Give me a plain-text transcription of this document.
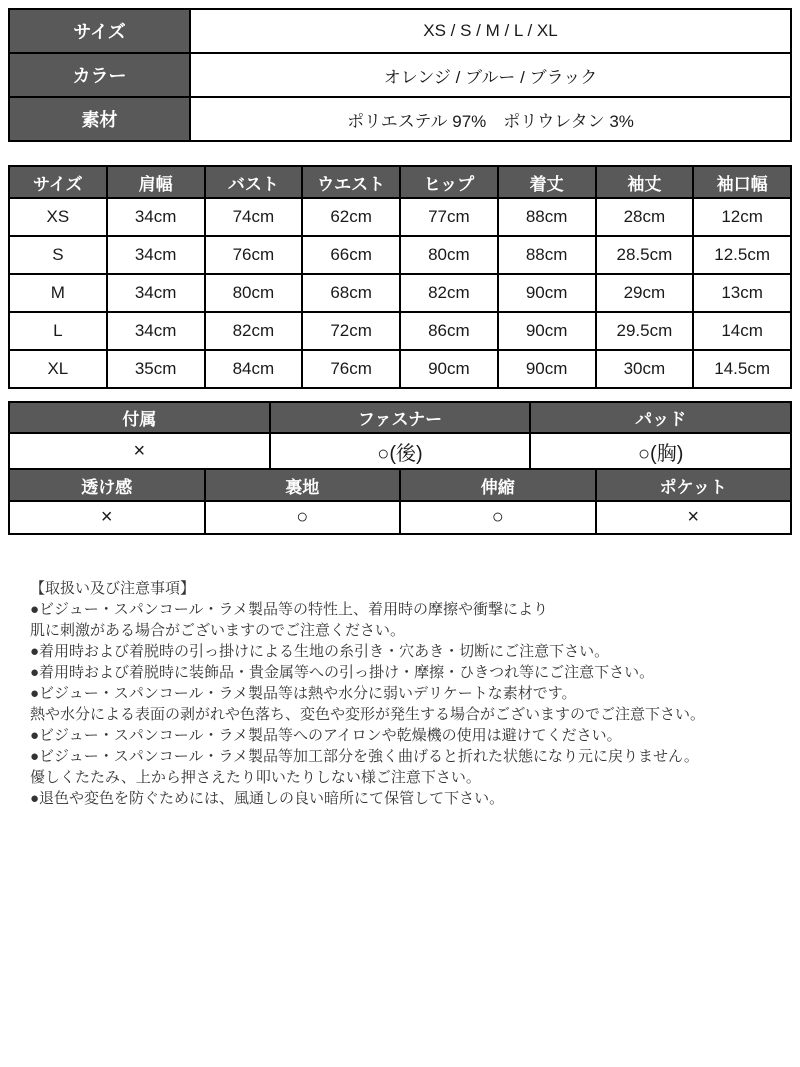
サイズ	XS / S / M / L / XL
カラー	オレンジ / ブルー / ブラック
素材	ポリエステル 97%　ポリウレタン 3%
サイズ	肩幅	バスト	ウエスト	ヒップ	着丈	袖丈	袖口幅
XS	34cm	74cm	62cm	77cm	88cm	28cm	12cm
S	34cm	76cm	66cm	80cm	88cm	28.5cm	12.5cm
M	34cm	80cm	68cm	82cm	90cm	29cm	13cm
L	34cm	82cm	72cm	86cm	90cm	29.5cm	14cm
XL	35cm	84cm	76cm	90cm	90cm	30cm	14.5cm
付属	ファスナー	パッド
×	○(後)	○(胸)
透け感	裏地	伸縮	ポケット
×	○	○	×

【取扱い及び注意事項】

●ビジュー・スパンコール・ラメ製品等の特性上、着用時の摩擦や衝撃により

肌に刺激がある場合がございますのでご注意ください。

●着用時および着脱時の引っ掛けによる生地の糸引き・穴あき・切断にご注意下さい。

●着用時および着脱時に装飾品・貴金属等への引っ掛け・摩擦・ひきつれ等にご注意下さい。

●ビジュー・スパンコール・ラメ製品等は熱や水分に弱いデリケートな素材です。

熱や水分による表面の剥がれや色落ち、変色や変形が発生する場合がございますのでご注意下さい。

●ビジュー・スパンコール・ラメ製品等へのアイロンや乾燥機の使用は避けてください。

●ビジュー・スパンコール・ラメ製品等加工部分を強く曲げると折れた状態になり元に戻りません。

優しくたたみ、上から押さえたり叩いたりしない様ご注意下さい。

●退色や変色を防ぐためには、風通しの良い暗所にて保管して下さい。
